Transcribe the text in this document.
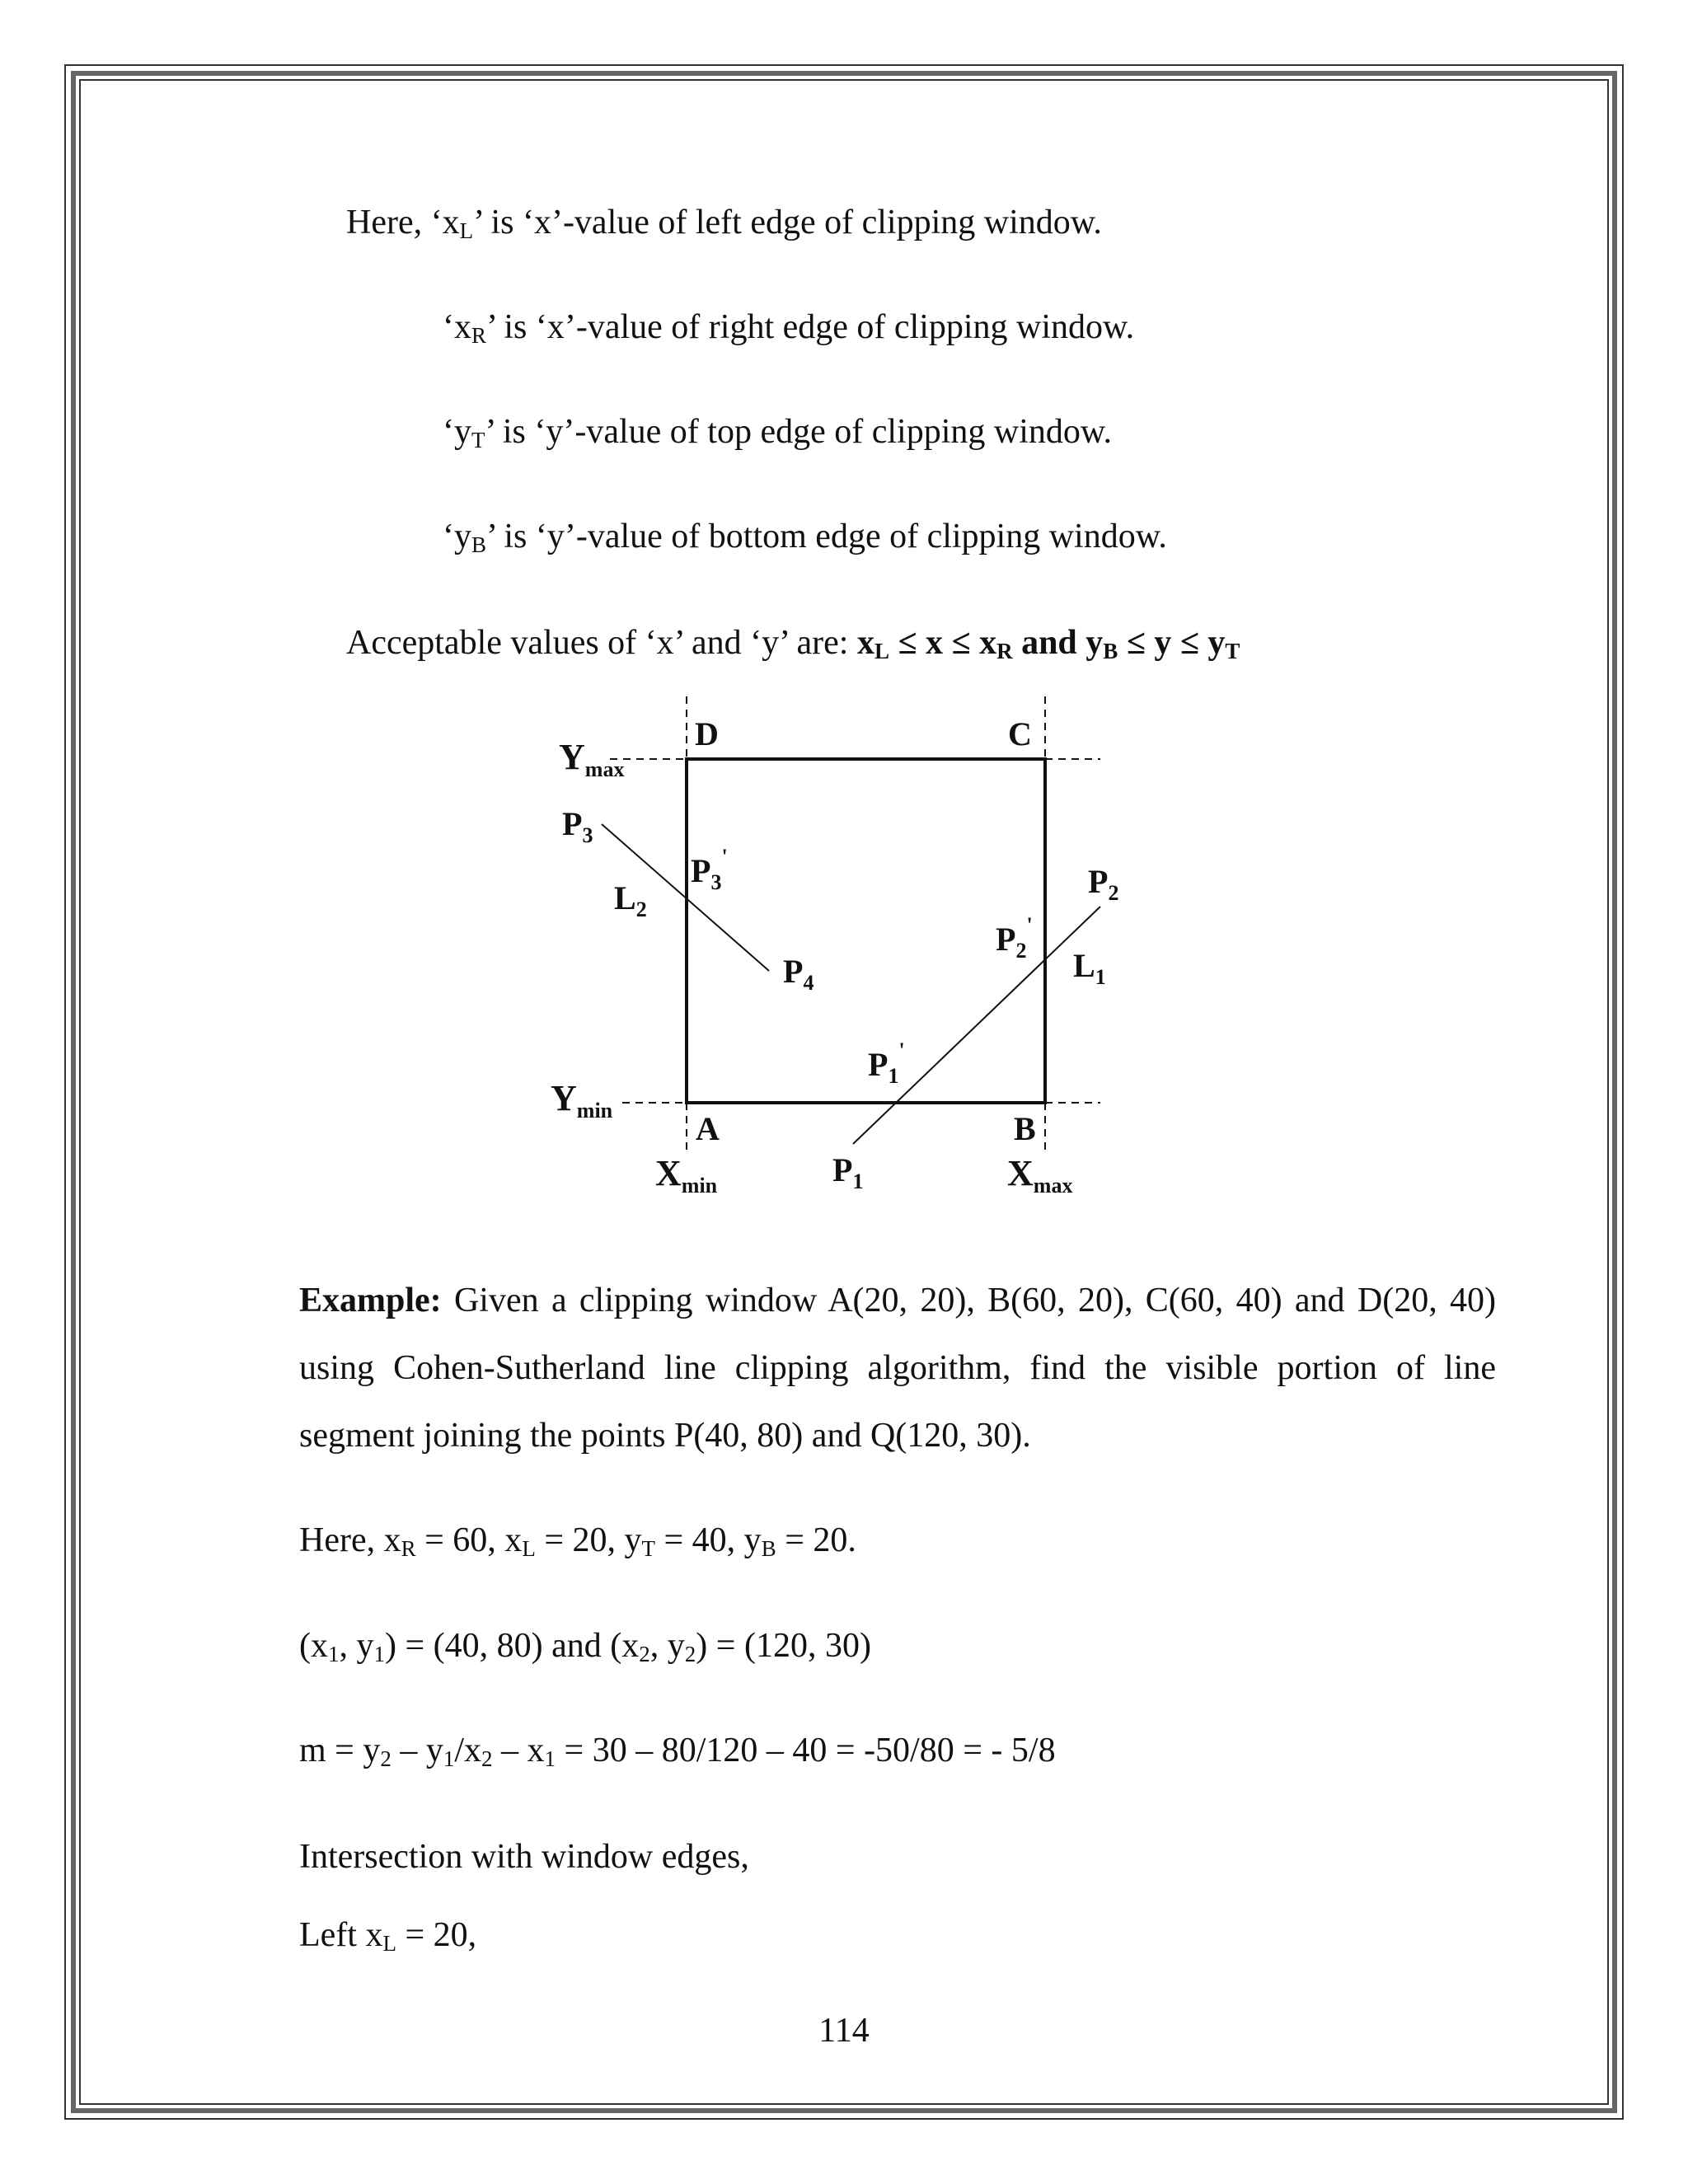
Here, ‘$x_L$’ is ‘x’-value of left edge of clipping window.
‘$x_R$’ is ‘x’-value of right edge of clipping window.
‘$y_T$’ is ‘y’-value of top edge of clipping window.
‘$y_B$’ is ‘y’-value of bottom edge of clipping window.
Acceptable values of ‘x’ and ‘y’ are: $x_L \le x \le x_R$ and $y_B \le y \le y_T$
D	C
A	B
$Y_{max}$
$Y_{min}$
$X_{min}$	$X_{max}$
$P_3$
$P_3'$
$L_2$
$P_4$
$P_2$
$P_2'$
$L_1$
$P_1'$
$P_1$
Example: Given a clipping window A(20, 20), B(60, 20), C(60, 40) and D(20, 40) using Cohen-Sutherland line clipping algorithm, find the visible portion of line segment joining the points P(40, 80) and Q(120, 30).
Here, $x_R = 60$, $x_L = 20$, $y_T = 40$, $y_B = 20$.
($x_1$, $y_1) = (40$, 80) and ($x_2$, $y_2) = (120$, 30)
$m = y_2 - y_1/x_2 - x_1 = 30 - 80/120 - 40 = -50/80$ = - 5/8
Intersection with window edges,
Left $x_L = 20$,
114
